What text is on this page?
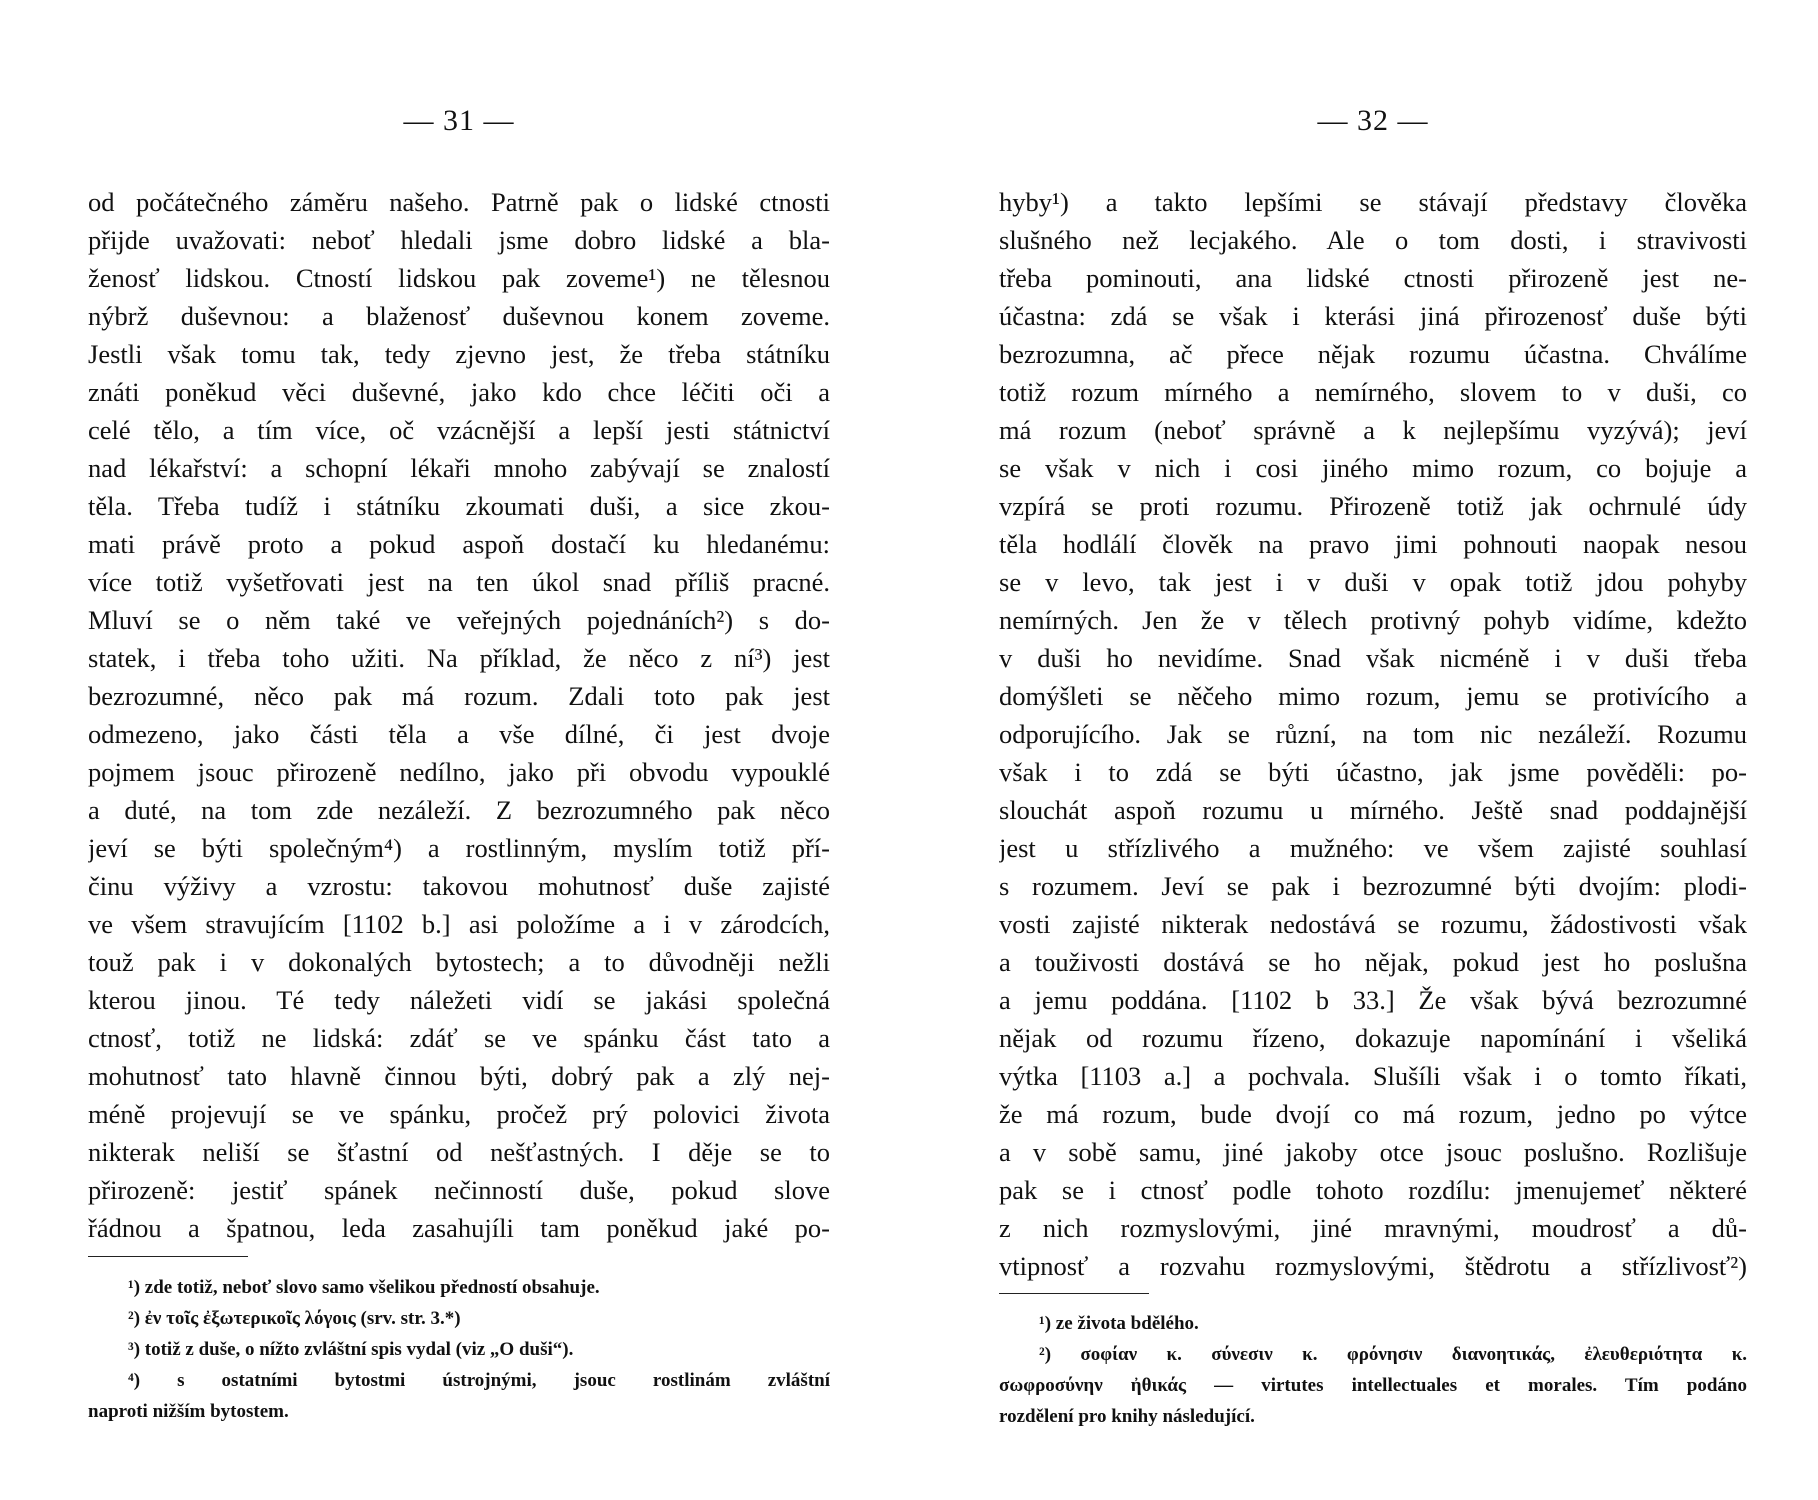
— 31 —
od počátečného záměru našeho. Patrně pak o lidské ctnosti
přijde uvažovati: neboť hledali jsme dobro lidské a bla-
ženosť lidskou. Ctností lidskou pak zoveme¹) ne tělesnou
nýbrž duševnou: a blaženosť duševnou konem zoveme.
Jestli však tomu tak, tedy zjevno jest, že třeba státníku
znáti poněkud věci duševné, jako kdo chce léčiti oči a
celé tělo, a tím více, oč vzácnější a lepší jesti státnictví
nad lékařství: a schopní lékaři mnoho zabývají se znalostí
těla. Třeba tudíž i státníku zkoumati duši, a sice zkou-
mati právě proto a pokud aspoň dostačí ku hledanému:
více totiž vyšetřovati jest na ten úkol snad příliš pracné.
Mluví se o něm také ve veřejných pojednáních²) s do-
statek, i třeba toho užiti. Na příklad, že něco z ní³) jest
bezrozumné, něco pak má rozum. Zdali toto pak jest
odmezeno, jako části těla a vše dílné, či jest dvoje
pojmem jsouc přirozeně nedílno, jako při obvodu vypouklé
a duté, na tom zde nezáleží. Z bezrozumného pak něco
jeví se býti společným⁴) a rostlinným, myslím totiž pří-
činu výživy a vzrostu: takovou mohutnosť duše zajisté
ve všem stravujícím [1102 b.] asi položíme a i v zárodcích,
touž pak i v dokonalých bytostech; a to důvodněji nežli
kterou jinou. Té tedy náležeti vidí se jakási společná
ctnosť, totiž ne lidská: zdáť se ve spánku část tato a
mohutnosť tato hlavně činnou býti, dobrý pak a zlý nej-
méně projevují se ve spánku, pročež prý polovici života
nikterak neliší se šťastní od nešťastných. I děje se to
přirozeně: jestiť spánek nečinností duše, pokud slove
řádnou a špatnou, leda zasahujíli tam poněkud jaké po-
¹) zde totiž, neboť slovo samo všelikou předností obsahuje.
²) ἐν τοῖς ἐξωτερικοῖς λόγοις (srv. str. 3.*)
³) totiž z duše, o nížto zvláštní spis vydal (viz „O duši“).
⁴) s ostatními bytostmi ústrojnými, jsouc rostlinám zvláštní
naproti nižším bytostem.
— 32 —
hyby¹) a takto lepšími se stávají představy člověka
slušného než lecjakého. Ale o tom dosti, i stravivosti
třeba pominouti, ana lidské ctnosti přirozeně jest ne-
účastna: zdá se však i kterási jiná přirozenosť duše býti
bezrozumna, ač přece nějak rozumu účastna. Chválíme
totiž rozum mírného a nemírného, slovem to v duši, co
má rozum (neboť správně a k nejlepšímu vyzývá); jeví
se však v nich i cosi jiného mimo rozum, co bojuje a
vzpírá se proti rozumu. Přirozeně totiž jak ochrnulé údy
těla hodlálí člověk na pravo jimi pohnouti naopak nesou
se v levo, tak jest i v duši v opak totiž jdou pohyby
nemírných. Jen že v tělech protivný pohyb vidíme, kdežto
v duši ho nevidíme. Snad však nicméně i v duši třeba
domýšleti se něčeho mimo rozum, jemu se protivícího a
odporujícího. Jak se různí, na tom nic nezáleží. Rozumu
však i to zdá se býti účastno, jak jsme pověděli: po-
slouchát aspoň rozumu u mírného. Ještě snad poddajnější
jest u střízlivého a mužného: ve všem zajisté souhlasí
s rozumem. Jeví se pak i bezrozumné býti dvojím: plodi-
vosti zajisté nikterak nedostává se rozumu, žádostivosti však
a touživosti dostává se ho nějak, pokud jest ho poslušna
a jemu poddána. [1102 b 33.] Že však bývá bezrozumné
nějak od rozumu řízeno, dokazuje napomínání i všeliká
výtka [1103 a.] a pochvala. Slušíli však i o tomto říkati,
že má rozum, bude dvojí co má rozum, jedno po výtce
a v sobě samu, jiné jakoby otce jsouc poslušno. Rozlišuje
pak se i ctnosť podle tohoto rozdílu: jmenujemeť některé
z nich rozmyslovými, jiné mravnými, moudrosť a dů-
vtipnosť a rozvahu rozmyslovými, štědrotu a střízlivosť²)
¹) ze života bdělého.
²) σοφίαν κ. σύνεσιν κ. φρόνησιν διανοητικάς, ἐλευθεριότητα κ.
σωφροσύνην ἠθικάς — virtutes intellectuales et morales. Tím podáno
rozdělení pro knihy následující.
